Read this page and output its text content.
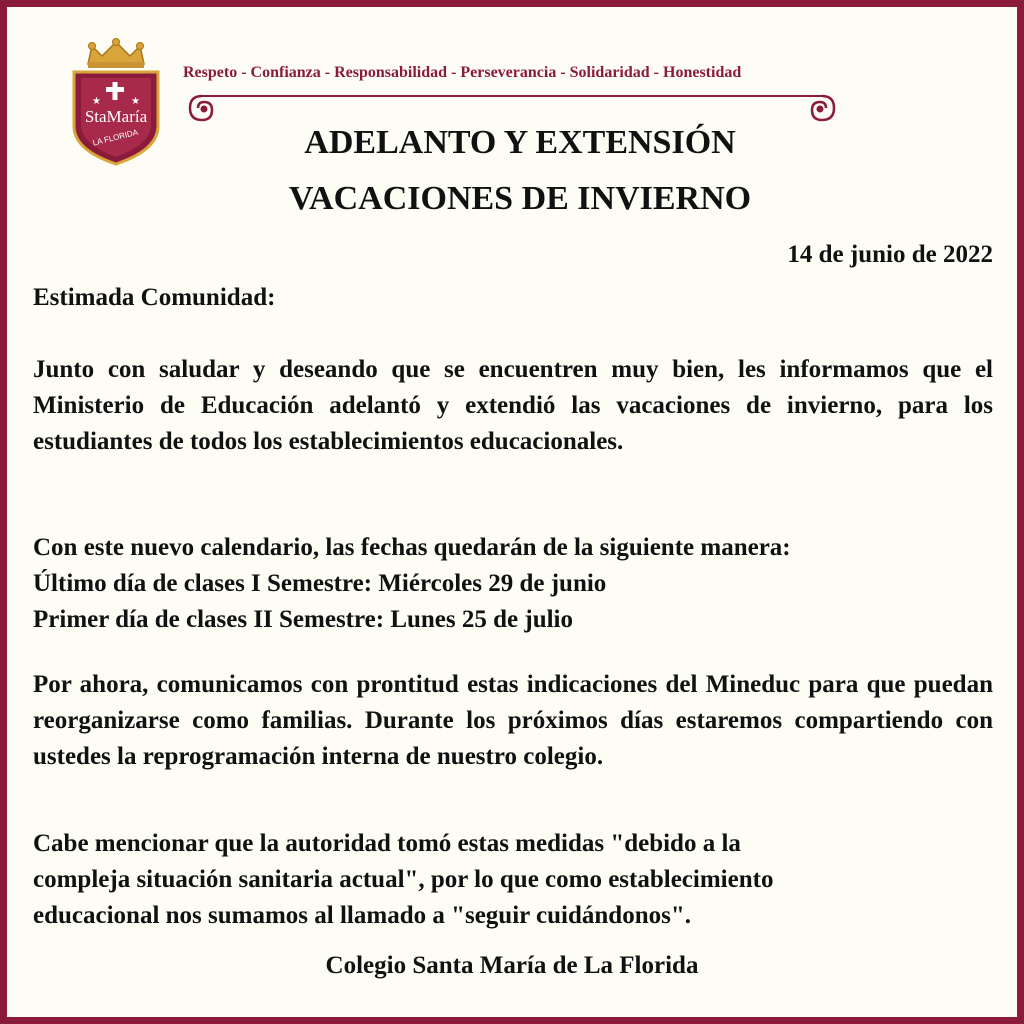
★	★
StaMaría
LA FLORIDA
Respeto - Confianza - Responsabilidad - Perseverancia - Solidaridad - Honestidad
ADELANTO Y EXTENSIÓN
VACACIONES DE INVIERNO
14 de junio de 2022
Estimada Comunidad:
Junto con saludar y deseando que se encuentren muy bien, les informamos que el Ministerio de Educación adelantó y extendió las vacaciones de invierno, para los estudiantes de todos los establecimientos educacionales.
Con este nuevo calendario, las fechas quedarán de la siguiente manera:
Último día de clases I Semestre: Miércoles 29 de junio
Primer día de clases II Semestre: Lunes 25 de julio
Por ahora, comunicamos con prontitud estas indicaciones del Mineduc para que puedan reorganizarse como familias. Durante los próximos días estaremos compartiendo con ustedes la reprogramación interna de nuestro colegio.
Cabe mencionar que la autoridad tomó estas medidas "debido a la
compleja situación sanitaria actual", por lo que como establecimiento
educacional nos sumamos al llamado a "seguir cuidándonos".
Colegio Santa María de La Florida
